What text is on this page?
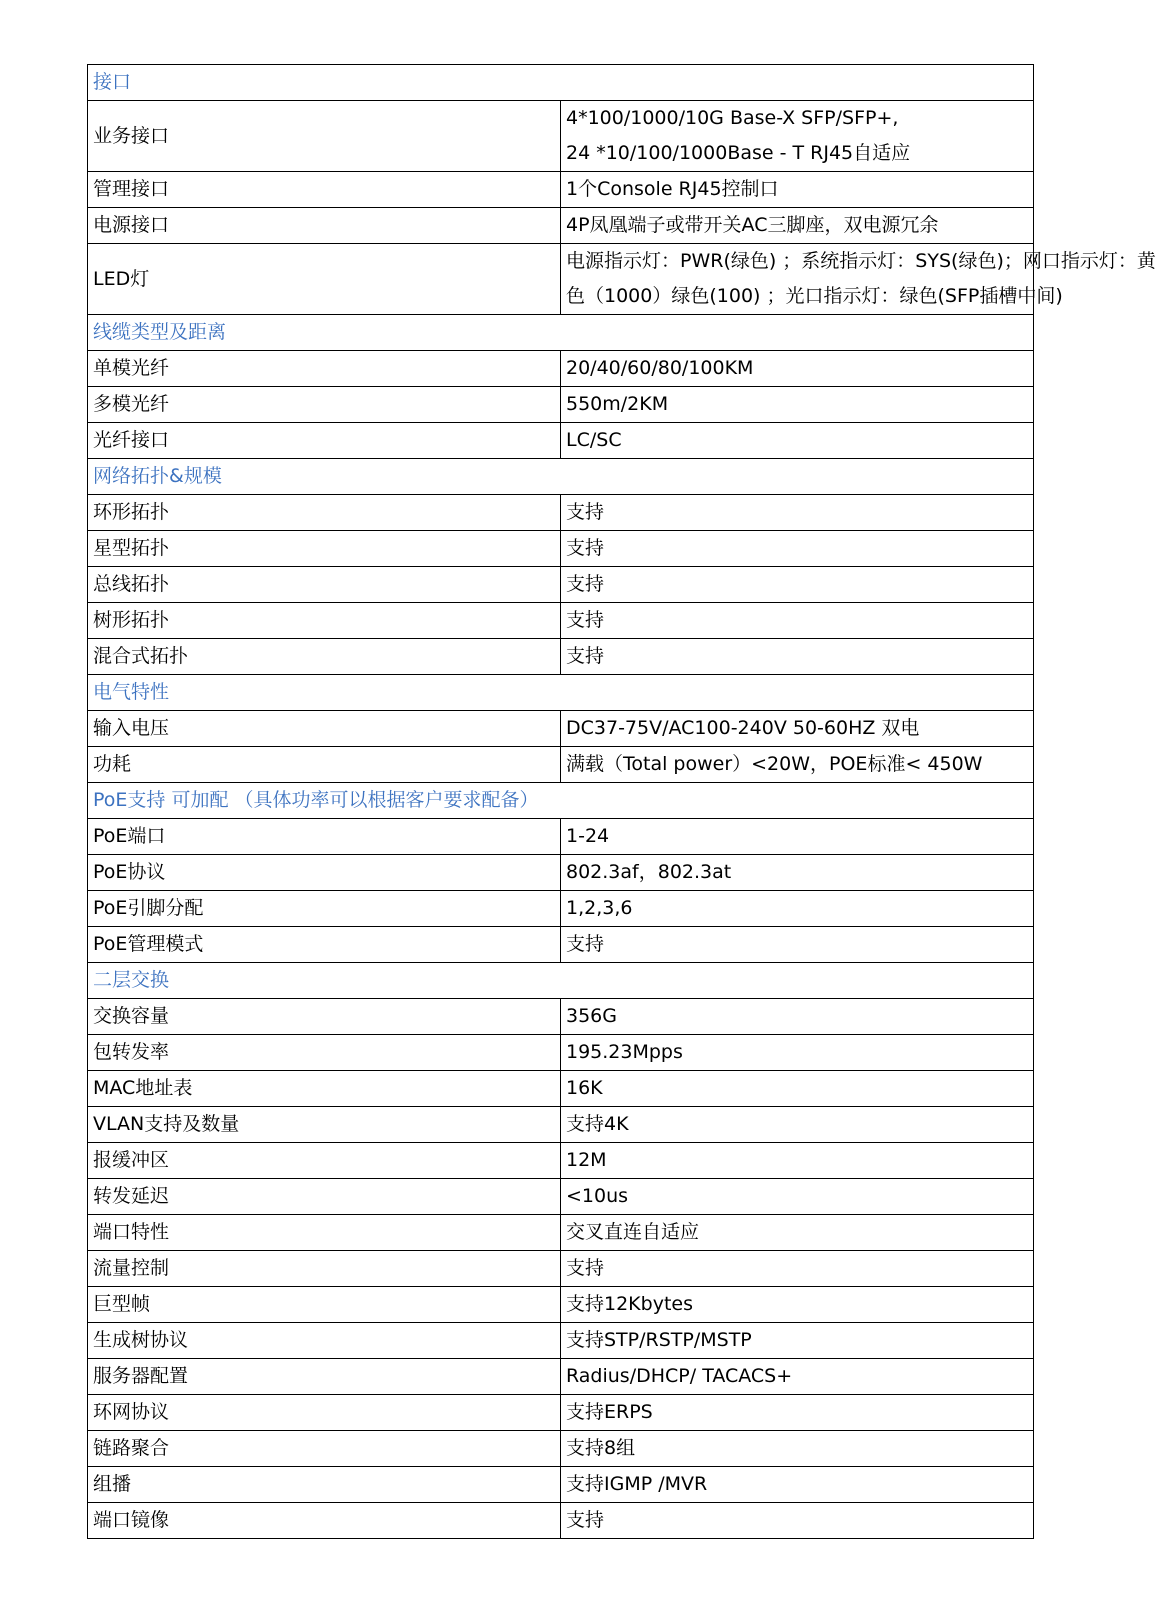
接口	
业务接口	4*100/1000/10G Base-X SFP/SFP+,
24 *10/100/1000Base - T RJ45自适应

管理接口	1个Console RJ45控制口
电源接口	4P凤凰端子或带开关AC三脚座，双电源冗余
LED灯	电源指示灯：PWR(绿色) ；系统指示灯：SYS(绿色)；网口指示灯：黄
色（1000）绿色(100) ；光口指示灯：绿色(SFP插槽中间)

线缆类型及距离	
单模光纤	20/40/60/80/100KM
多模光纤	550m/2KM
光纤接口	LC/SC
网络拓扑&规模	
环形拓扑	支持
星型拓扑	支持
总线拓扑	支持
树形拓扑	支持
混合式拓扑	支持
电气特性	
输入电压	DC37-75V/AC100-240V 50-60HZ 双电
功耗	满载（Total power）<20W，POE标准< 450W
PoE支持 可加配 （具体功率可以根据客户要求配备）	
PoE端口	1-24
PoE协议	802.3af，802.3at
PoE引脚分配	1,2,3,6
PoE管理模式	支持
二层交换	
交换容量	356G
包转发率	195.23Mpps
MAC地址表	16K
VLAN支持及数量	支持4K
报缓冲区	12M
转发延迟	<10us
端口特性	交叉直连自适应
流量控制	支持
巨型帧	支持12Kbytes
生成树协议	支持STP/RSTP/MSTP
服务器配置	Radius/DHCP/ TACACS+
环网协议	支持ERPS
链路聚合	支持8组
组播	支持IGMP /MVR
端口镜像	支持
